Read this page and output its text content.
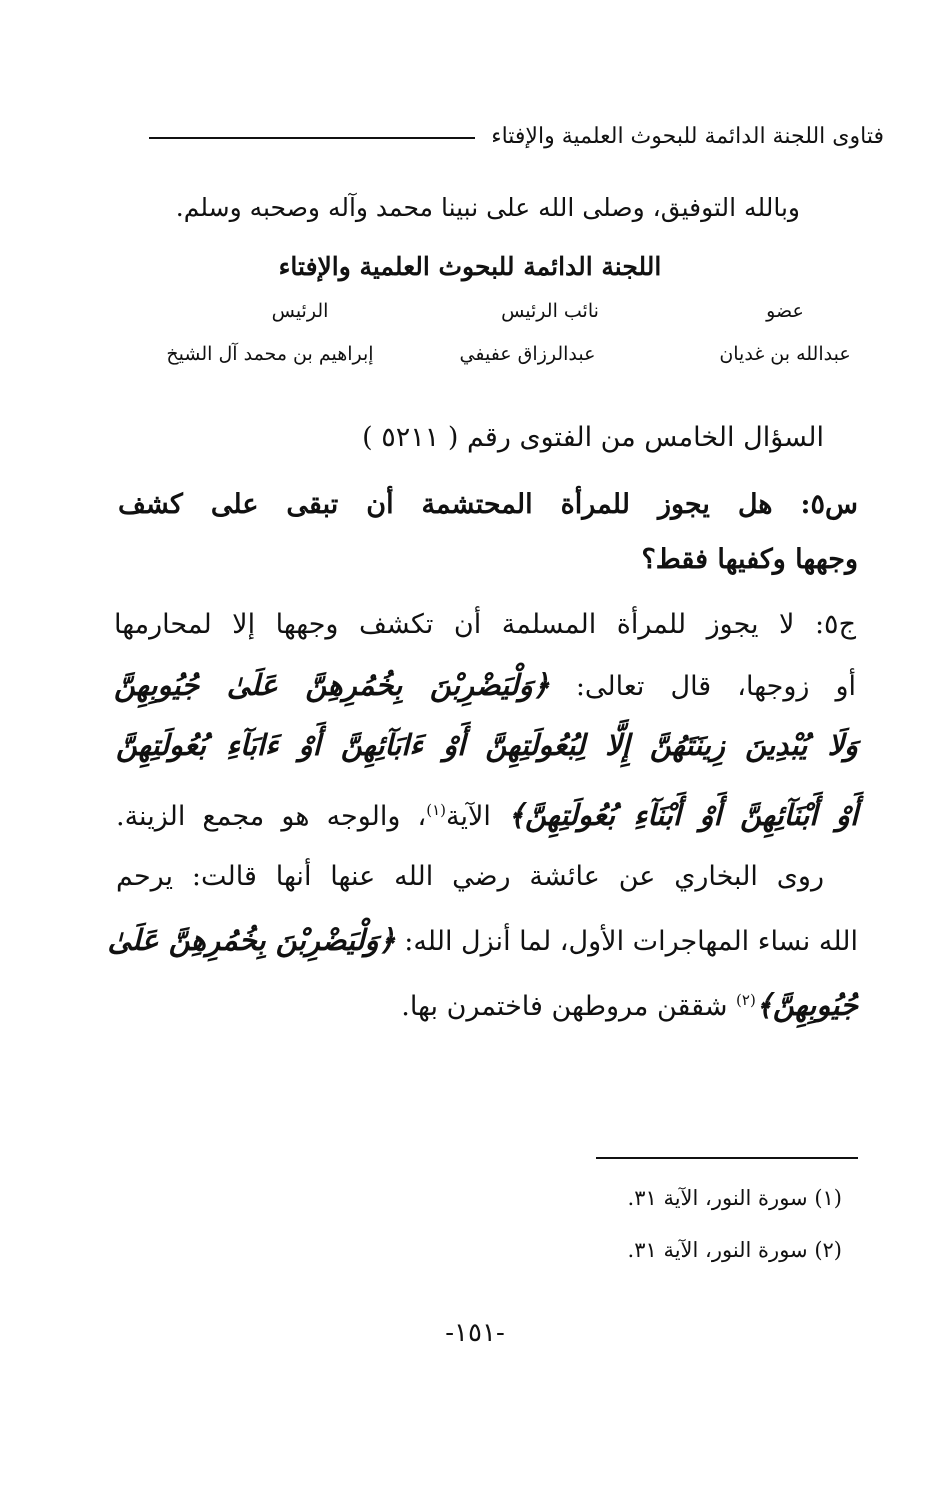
فتاوى اللجنة الدائمة للبحوث العلمية والإفتاء
وبالله التوفيق، وصلى الله على نبينا محمد وآله وصحبه وسلم.
اللجنة الدائمة للبحوث العلمية والإفتاء
عضو
نائب الرئيس
الرئيس
عبدالله بن غديان
عبدالرزاق عفيفي
إبراهيم بن محمد آل الشيخ
السؤال الخامس من الفتوى رقم ( ٥٢١١ )
س٥: هل يجوز للمرأة المحتشمة أن تبقى على كشف
وجهها وكفيها فقط؟
ج٥: لا يجوز للمرأة المسلمة أن تكشف وجهها إلا لمحارمها
أو زوجها، قال تعالى: ﴿وَلْيَضْرِبْنَ بِخُمُرِهِنَّ عَلَىٰ جُيُوبِهِنَّ
وَلَا يُبْدِينَ زِينَتَهُنَّ إِلَّا لِبُعُولَتِهِنَّ أَوْ ءَابَآئِهِنَّ أَوْ ءَابَآءِ بُعُولَتِهِنَّ
أَوْ أَبْنَآئِهِنَّ أَوْ أَبْنَآءِ بُعُولَتِهِنَّ﴾ الآية$^{(١)}$، والوجه هو مجمع الزينة.
روى البخاري عن عائشة رضي الله عنها أنها قالت: يرحم
الله نساء المهاجرات الأول، لما أنزل الله: ﴿وَلْيَضْرِبْنَ بِخُمُرِهِنَّ عَلَىٰ
جُيُوبِهِنَّ﴾$^{(٢)}$ شققن مروطهن فاختمرن بها.
(١) سورة النور، الآية ٣١.
(٢) سورة النور، الآية ٣١.
-١٥١-
